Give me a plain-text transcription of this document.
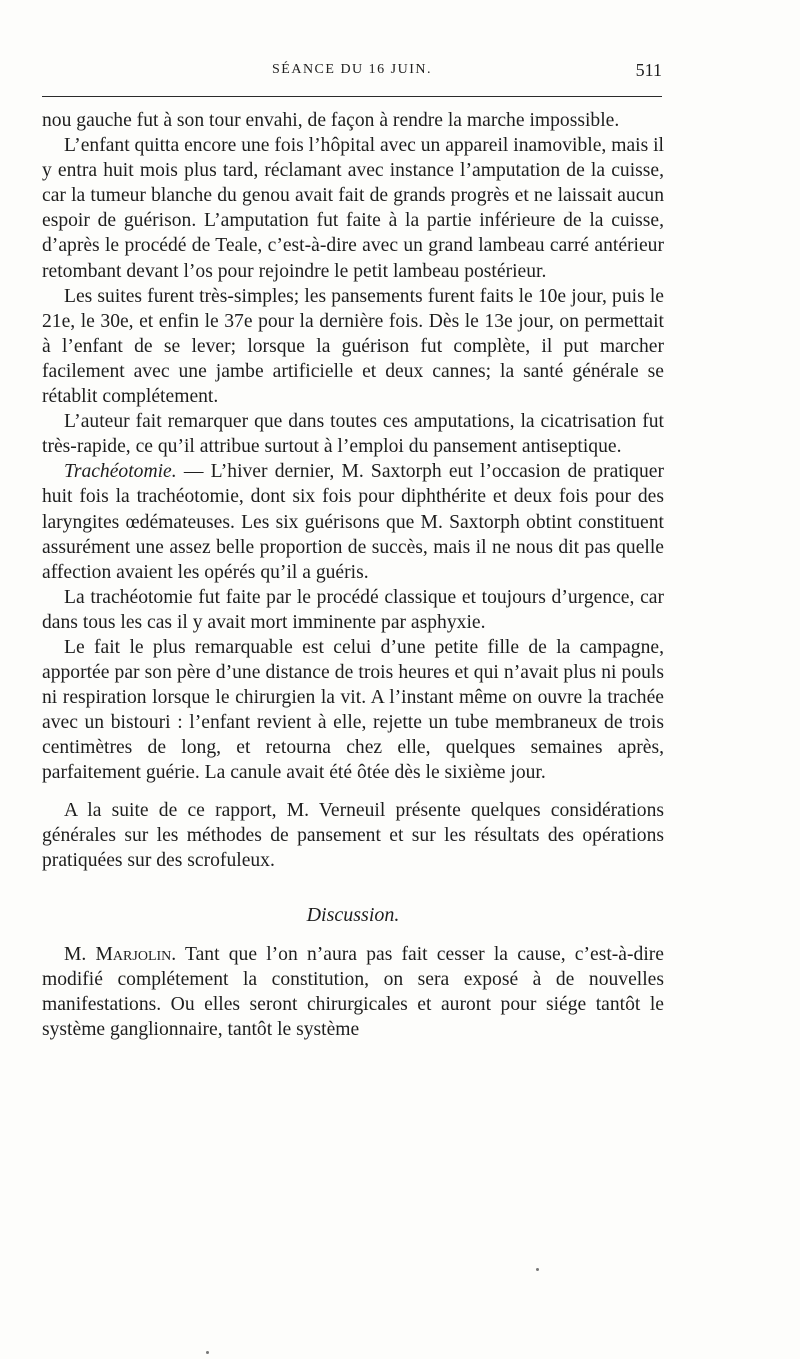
SÉANCE DU 16 JUIN.	511

nou gauche fut à son tour envahi, de façon à rendre la marche impossible.

L’enfant quitta encore une fois l’hôpital avec un appareil inamovible, mais il y entra huit mois plus tard, réclamant avec instance l’amputation de la cuisse, car la tumeur blanche du genou avait fait de grands progrès et ne laissait aucun espoir de guérison. L’amputation fut faite à la partie inférieure de la cuisse, d’après le procédé de Teale, c’est-à-dire avec un grand lambeau carré antérieur retombant devant l’os pour rejoindre le petit lambeau postérieur.

Les suites furent très-simples; les pansements furent faits le 10e jour, puis le 21e, le 30e, et enfin le 37e pour la dernière fois. Dès le 13e jour, on permettait à l’enfant de se lever; lorsque la guérison fut complète, il put marcher facilement avec une jambe artificielle et deux cannes; la santé générale se rétablit complétement.

L’auteur fait remarquer que dans toutes ces amputations, la cicatrisation fut très-rapide, ce qu’il attribue surtout à l’emploi du pansement antiseptique.

Trachéotomie. — L’hiver dernier, M. Saxtorph eut l’occasion de pratiquer huit fois la trachéotomie, dont six fois pour diphthérite et deux fois pour des laryngites œdémateuses. Les six guérisons que M. Saxtorph obtint constituent assurément une assez belle proportion de succès, mais il ne nous dit pas quelle affection avaient les opérés qu’il a guéris.

La trachéotomie fut faite par le procédé classique et toujours d’urgence, car dans tous les cas il y avait mort imminente par asphyxie.

Le fait le plus remarquable est celui d’une petite fille de la campagne, apportée par son père d’une distance de trois heures et qui n’avait plus ni pouls ni respiration lorsque le chirurgien la vit. A l’instant même on ouvre la trachée avec un bistouri : l’enfant revient à elle, rejette un tube membraneux de trois centimètres de long, et retourna chez elle, quelques semaines après, parfaitement guérie. La canule avait été ôtée dès le sixième jour.

A la suite de ce rapport, M. Verneuil présente quelques considérations générales sur les méthodes de pansement et sur les résultats des opérations pratiquées sur des scrofuleux.

Discussion.

M. Marjolin. Tant que l’on n’aura pas fait cesser la cause, c’est-à-dire modifié complétement la constitution, on sera exposé à de nouvelles manifestations. Ou elles seront chirurgicales et auront pour siége tantôt le système ganglionnaire, tantôt le système
